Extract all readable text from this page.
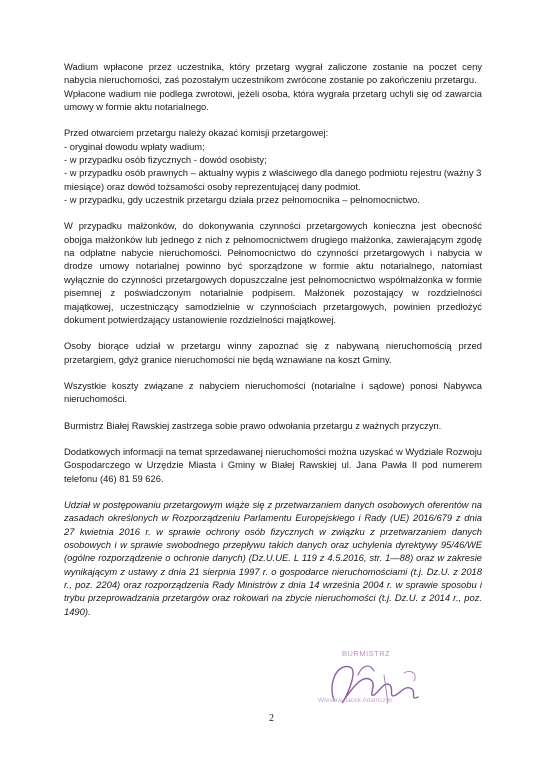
Wadium wpłacone przez uczestnika, który przetarg wygrał zaliczone zostanie na poczet ceny nabycia nieruchomości, zaś pozostałym uczestnikom zwrócone zostanie po zakończeniu przetargu.

Wpłacone wadium nie podlega zwrotowi, jeżeli osoba, która wygrała przetarg uchyli się od zawarcia umowy w formie aktu notarialnego.

Przed otwarciem przetargu należy okazać komisji przetargowej:

- oryginał dowodu wpłaty wadium;

- w przypadku osób fizycznych - dowód osobisty;

- w przypadku osób prawnych – aktualny wypis z właściwego dla danego podmiotu rejestru (ważny 3 miesiące) oraz dowód tożsamości osoby reprezentującej dany podmiot.

- w przypadku, gdy uczestnik przetargu działa przez pełnomocnika – pełnomocnictwo.

W przypadku małżonków, do dokonywania czynności przetargowych konieczna jest obecność obojga małżonków lub jednego z nich z pełnomocnictwem drugiego małżonka, zawierającym zgodę na odpłatne nabycie nieruchomości. Pełnomocnictwo do czynności przetargowych i nabycia w drodze umowy notarialnej powinno być sporządzone w formie aktu notarialnego, natomiast wyłącznie do czynności przetargowych dopuszczalne jest pełnomocnictwo współmałżonka w formie pisemnej z poświadczonym notarialnie podpisem. Małżonek pozostający w rozdzielności majątkowej, uczestniczący samodzielnie w czynnościach przetargowych, powinien przedłożyć dokument potwierdzający ustanowienie rozdzielności majątkowej.

Osoby biorące udział w przetargu winny zapoznać się z nabywaną nieruchomością przed przetargiem, gdyż granice nieruchomości nie będą wznawiane na koszt Gminy.

Wszystkie koszty związane z nabyciem nieruchomości (notarialne i sądowe) ponosi Nabywca nieruchomości.

Burmistrz Białej Rawskiej zastrzega sobie prawo odwołania przetargu z ważnych przyczyn.

Dodatkowych informacji na temat sprzedawanej nieruchomości można uzyskać w Wydziale Rozwoju Gospodarczego w Urzędzie Miasta i Gminy w Białej Rawskiej ul. Jana Pawła II pod numerem telefonu (46) 81 59 626.

Udział w postępowaniu przetargowym wiąże się z przetwarzaniem danych osobowych oferentów na zasadach określonych w Rozporządzeniu Parlamentu Europejskiego i Rady (UE) 2016/679 z dnia 27 kwietnia 2016 r. w sprawie ochrony osób fizycznych w związku z przetwarzaniem danych osobowych i w sprawie swobodnego przepływu takich danych oraz uchylenia dyrektywy 95/46/WE (ogólne rozporządzenie o ochronie danych) (Dz.U.UE. L 119 z 4.5.2016, str. 1—88) oraz w zakresie wynikającym z ustawy z dnia 21 sierpnia 1997 r. o gospodarce nieruchomościami (t.j. Dz.U. z 2018 r., poz. 2204) oraz rozporządzenia Rady Ministrów z dnia 14 września 2004 r. w sprawie sposobu i trybu przeprowadzania przetargów oraz rokowań na zbycie nieruchomości (t.j. Dz.U. z 2014 r., poz. 1490).

BURMISTRZ
Wiesław Jacek Adamczyk
2
